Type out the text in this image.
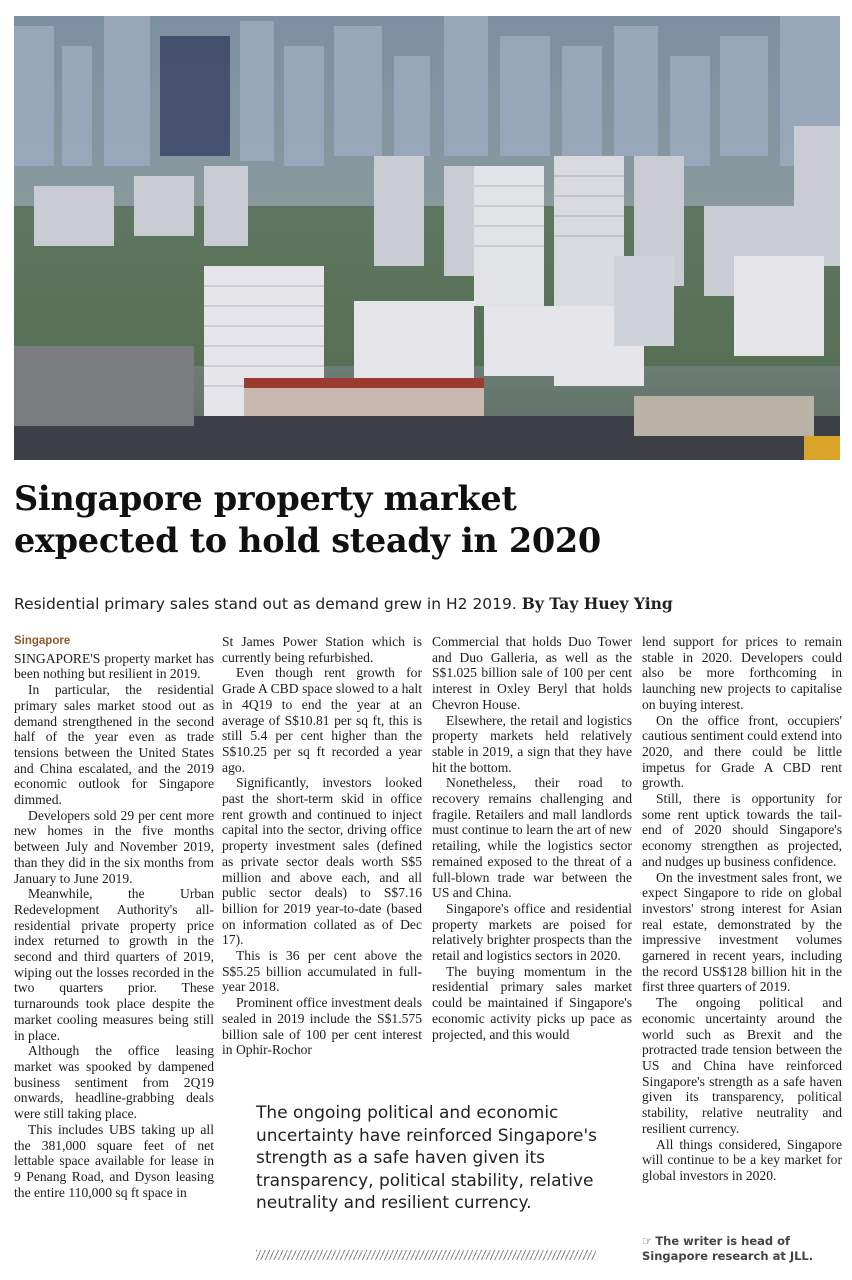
Singapore property market
expected to hold steady in 2020
Residential primary sales stand out as demand grew in H2 2019. By Tay Huey Ying
Singapore

SINGAPORE'S property market has been nothing but resilient in 2019.

In particular, the residential primary sales market stood out as demand strengthened in the second half of the year even as trade tensions between the United States and China escalated, and the 2019 economic outlook for Singapore dimmed.

Developers sold 29 per cent more new homes in the five months between July and November 2019, than they did in the six months from January to June 2019.

Meanwhile, the Urban Redevelopment Authority's all-residential private property price index returned to growth in the second and third quarters of 2019, wiping out the losses recorded in the two quarters prior. These turnarounds took place despite the market cooling measures being still in place.

Although the office leasing market was spooked by dampened business sentiment from 2Q19 onwards, headline-grabbing deals were still taking place.

This includes UBS taking up all the 381,000 square feet of net lettable space available for lease in 9 Penang Road, and Dyson leasing the entire 110,000 sq ft space in

St James Power Station which is currently being refurbished.

Even though rent growth for Grade A CBD space slowed to a halt in 4Q19 to end the year at an average of S$10.81 per sq ft, this is still 5.4 per cent higher than the S$10.25 per sq ft recorded a year ago.

Significantly, investors looked past the short-term skid in office rent growth and continued to inject capital into the sector, driving office property investment sales (defined as private sector deals worth S$5 million and above each, and all public sector deals) to S$7.16 billion for 2019 year-to-date (based on information collated as of Dec 17).

This is 36 per cent above the S$5.25 billion accumulated in full-year 2018.

Prominent office investment deals sealed in 2019 include the S$1.575 billion sale of 100 per cent interest in Ophir-Rochor

Commercial that holds Duo Tower and Duo Galleria, as well as the S$1.025 billion sale of 100 per cent interest in Oxley Beryl that holds Chevron House.

Elsewhere, the retail and logistics property markets held relatively stable in 2019, a sign that they have hit the bottom.

Nonetheless, their road to recovery remains challenging and fragile. Retailers and mall landlords must continue to learn the art of new retailing, while the logistics sector remained exposed to the threat of a full-blown trade war between the US and China.

Singapore's office and residential property markets are poised for relatively brighter prospects than the retail and logistics sectors in 2020.

The buying momentum in the residential primary sales market could be maintained if Singapore's economic activity picks up pace as projected, and this would

lend support for prices to remain stable in 2020. Developers could also be more forthcoming in launching new projects to capitalise on buying interest.

On the office front, occupiers' cautious sentiment could extend into 2020, and there could be little impetus for Grade A CBD rent growth.

Still, there is opportunity for some rent uptick towards the tail-end of 2020 should Singapore's economy strengthen as projected, and nudges up business confidence.

On the investment sales front, we expect Singapore to ride on global investors' strong interest for Asian real estate, demonstrated by the impressive investment volumes garnered in recent years, including the record US$128 billion hit in the first three quarters of 2019.

The ongoing political and economic uncertainty around the world such as Brexit and the protracted trade tension between the US and China have reinforced Singapore's strength as a safe haven given its transparency, political stability, relative neutrality and resilient currency.

All things considered, Singapore will continue to be a key market for global investors in 2020.

The ongoing political and economic uncertainty have reinforced Singapore's strength as a safe haven given its transparency, political stability, relative neutrality and resilient currency.
☞ The writer is head of Singapore research at JLL.
